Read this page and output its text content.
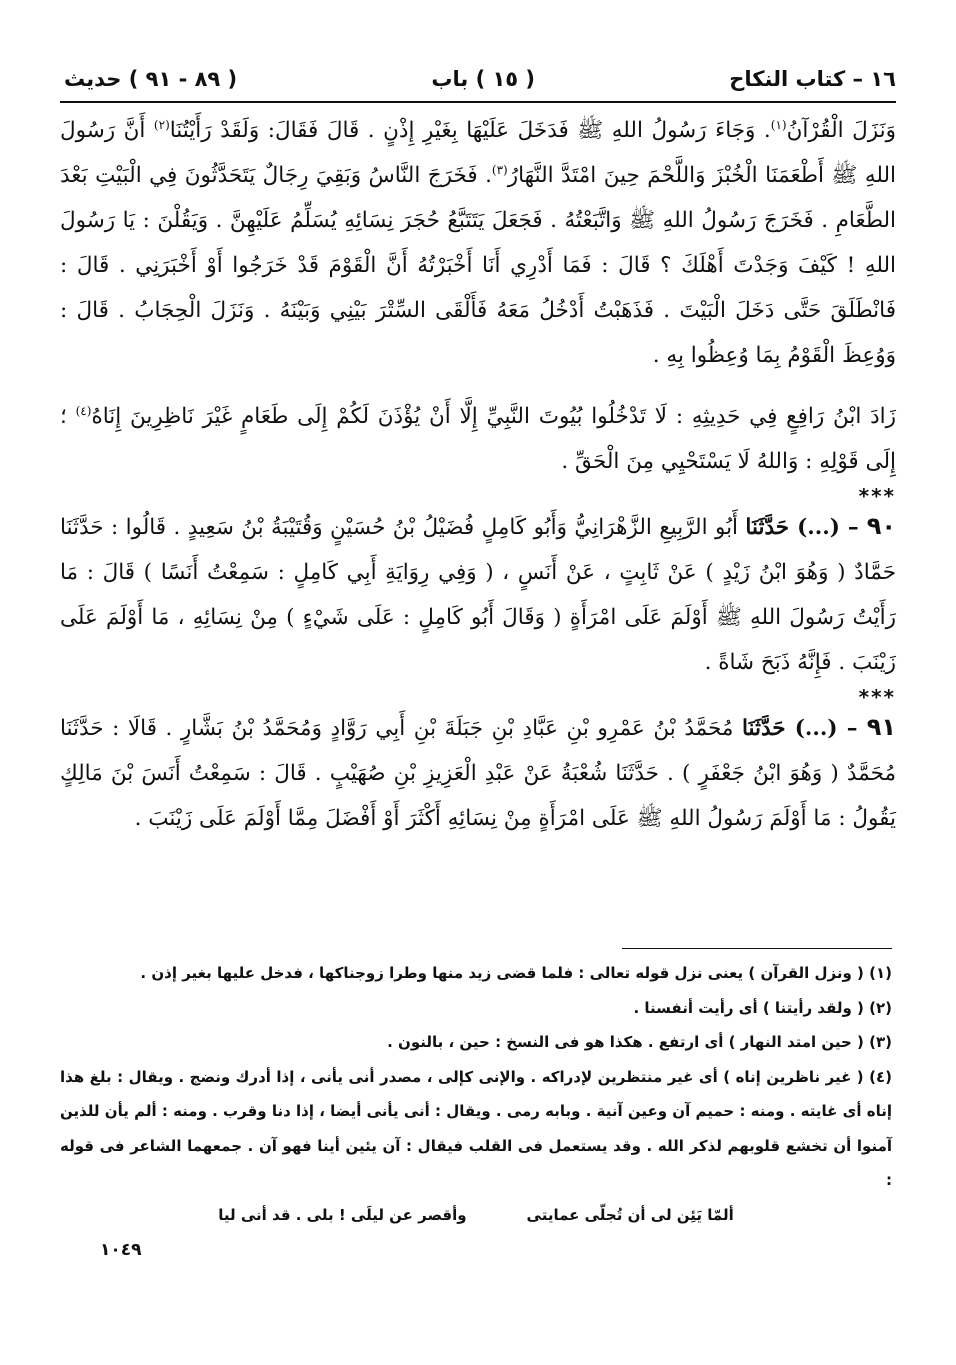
١٦ – كتاب النكاح
( ١٥ ) باب
( ٨٩ - ٩١ ) حديث

وَنَزَلَ الْقُرْآنُ$^{(١)}$. وَجَاءَ رَسُولُ اللهِ ﷺ فَدَخَلَ عَلَيْهَا بِغَيْرِ إِذْنٍ . قَالَ فَقَالَ: وَلَقَدْ رَأَيْتُنَا$^{(٢)}$ أَنَّ رَسُولَ اللهِ ﷺ أَطْعَمَنَا الْخُبْزَ وَاللَّحْمَ حِينَ امْتَدَّ النَّهَارُ$^{(٣)}$. فَخَرَجَ النَّاسُ وَبَقِيَ رِجَالٌ يَتَحَدَّثُونَ فِي الْبَيْتِ بَعْدَ الطَّعَامِ . فَخَرَجَ رَسُولُ اللهِ ﷺ وَاتَّبَعْتُهُ . فَجَعَلَ يَتَتَبَّعُ حُجَرَ نِسَائِهِ يُسَلِّمُ عَلَيْهِنَّ . وَيَقُلْنَ : يَا رَسُولَ اللهِ ! كَيْفَ وَجَدْتَ أَهْلَكَ ؟ قَالَ : فَمَا أَدْرِي أَنَا أَخْبَرْتُهُ أَنَّ الْقَوْمَ قَدْ خَرَجُوا أَوْ أَخْبَرَنِي . قَالَ : فَانْطَلَقَ حَتَّى دَخَلَ الْبَيْتَ . فَذَهَبْتُ أَدْخُلُ مَعَهُ فَأَلْقَى السِّتْرَ بَيْنِي وَبَيْنَهُ . وَنَزَلَ الْحِجَابُ . قَالَ : وَوُعِظَ الْقَوْمُ بِمَا وُعِظُوا بِهِ .

زَادَ ابْنُ رَافِعٍ فِي حَدِيثِهِ : لَا تَدْخُلُوا بُيُوتَ النَّبِيِّ إِلَّا أَنْ يُؤْذَنَ لَكُمْ إِلَى طَعَامٍ غَيْرَ نَاظِرِينَ إِنَاهُ$^{(٤)}$ ؛ إِلَى قَوْلِهِ : وَاللهُ لَا يَسْتَحْيِي مِنَ الْحَقِّ .

***

٩٠ – (...) حَدَّثَنَا أَبُو الرَّبِيعِ الزَّهْرَانِيُّ وَأَبُو كَامِلٍ فُضَيْلُ بْنُ حُسَيْنٍ وَقُتَيْبَةُ بْنُ سَعِيدٍ . قَالُوا : حَدَّثَنَا حَمَّادٌ ( وَهُوَ ابْنُ زَيْدٍ ) عَنْ ثَابِتٍ ، عَنْ أَنَسٍ ، ( وَفِي رِوَايَةِ أَبِي كَامِلٍ : سَمِعْتُ أَنَسًا ) قَالَ : مَا رَأَيْتُ رَسُولَ اللهِ ﷺ أَوْلَمَ عَلَى امْرَأَةٍ ( وَقَالَ أَبُو كَامِلٍ : عَلَى شَيْءٍ ) مِنْ نِسَائِهِ ، مَا أَوْلَمَ عَلَى زَيْنَبَ . فَإِنَّهُ ذَبَحَ شَاةً .

***

٩١ – (...) حَدَّثَنَا مُحَمَّدُ بْنُ عَمْرِو بْنِ عَبَّادِ بْنِ جَبَلَةَ بْنِ أَبِي رَوَّادٍ وَمُحَمَّدُ بْنُ بَشَّارٍ . قَالَا : حَدَّثَنَا مُحَمَّدٌ ( وَهُوَ ابْنُ جَعْفَرٍ ) . حَدَّثَنَا شُعْبَةُ عَنْ عَبْدِ الْعَزِيزِ بْنِ صُهَيْبٍ . قَالَ : سَمِعْتُ أَنَسَ بْنَ مَالِكٍ يَقُولُ : مَا أَوْلَمَ رَسُولُ اللهِ ﷺ عَلَى امْرَأَةٍ مِنْ نِسَائِهِ أَكْثَرَ أَوْ أَفْضَلَ مِمَّا أَوْلَمَ عَلَى زَيْنَبَ .

(١) ( ونزل القرآن ) يعنى نزل قوله تعالى : فلما قضى زيد منها وطرا زوجناكها ، فدخل عليها بغير إذن .

(٢) ( ولقد رأيتنا ) أى رأيت أنفسنا .

(٣) ( حين امتد النهار ) أى ارتفع . هكذا هو فى النسخ : حين ، بالنون .

(٤) ( غير ناظرين إناه ) أى غير منتظرين لإدراكه . والإنى كإلى ، مصدر أنى يأنى ، إذا أدرك ونضج . ويقال : بلغ هذا إناه أى غايته . ومنه : حميم آن وعين آنية . وبابه رمى . ويقال : أنى يأنى أيضا ، إذا دنا وقرب . ومنه : ألم يأن للذين آمنوا أن تخشع قلوبهم لذكر الله . وقد يستعمل فى القلب فيقال : آن يئين أينا فهو آن . جمعهما الشاعر فى قوله :

ألمّا يَئِن لى أن تُجلّى عمايتى
وأقصر عن ليلَى ! بلى . قد أنى ليا

١٠٤٩
